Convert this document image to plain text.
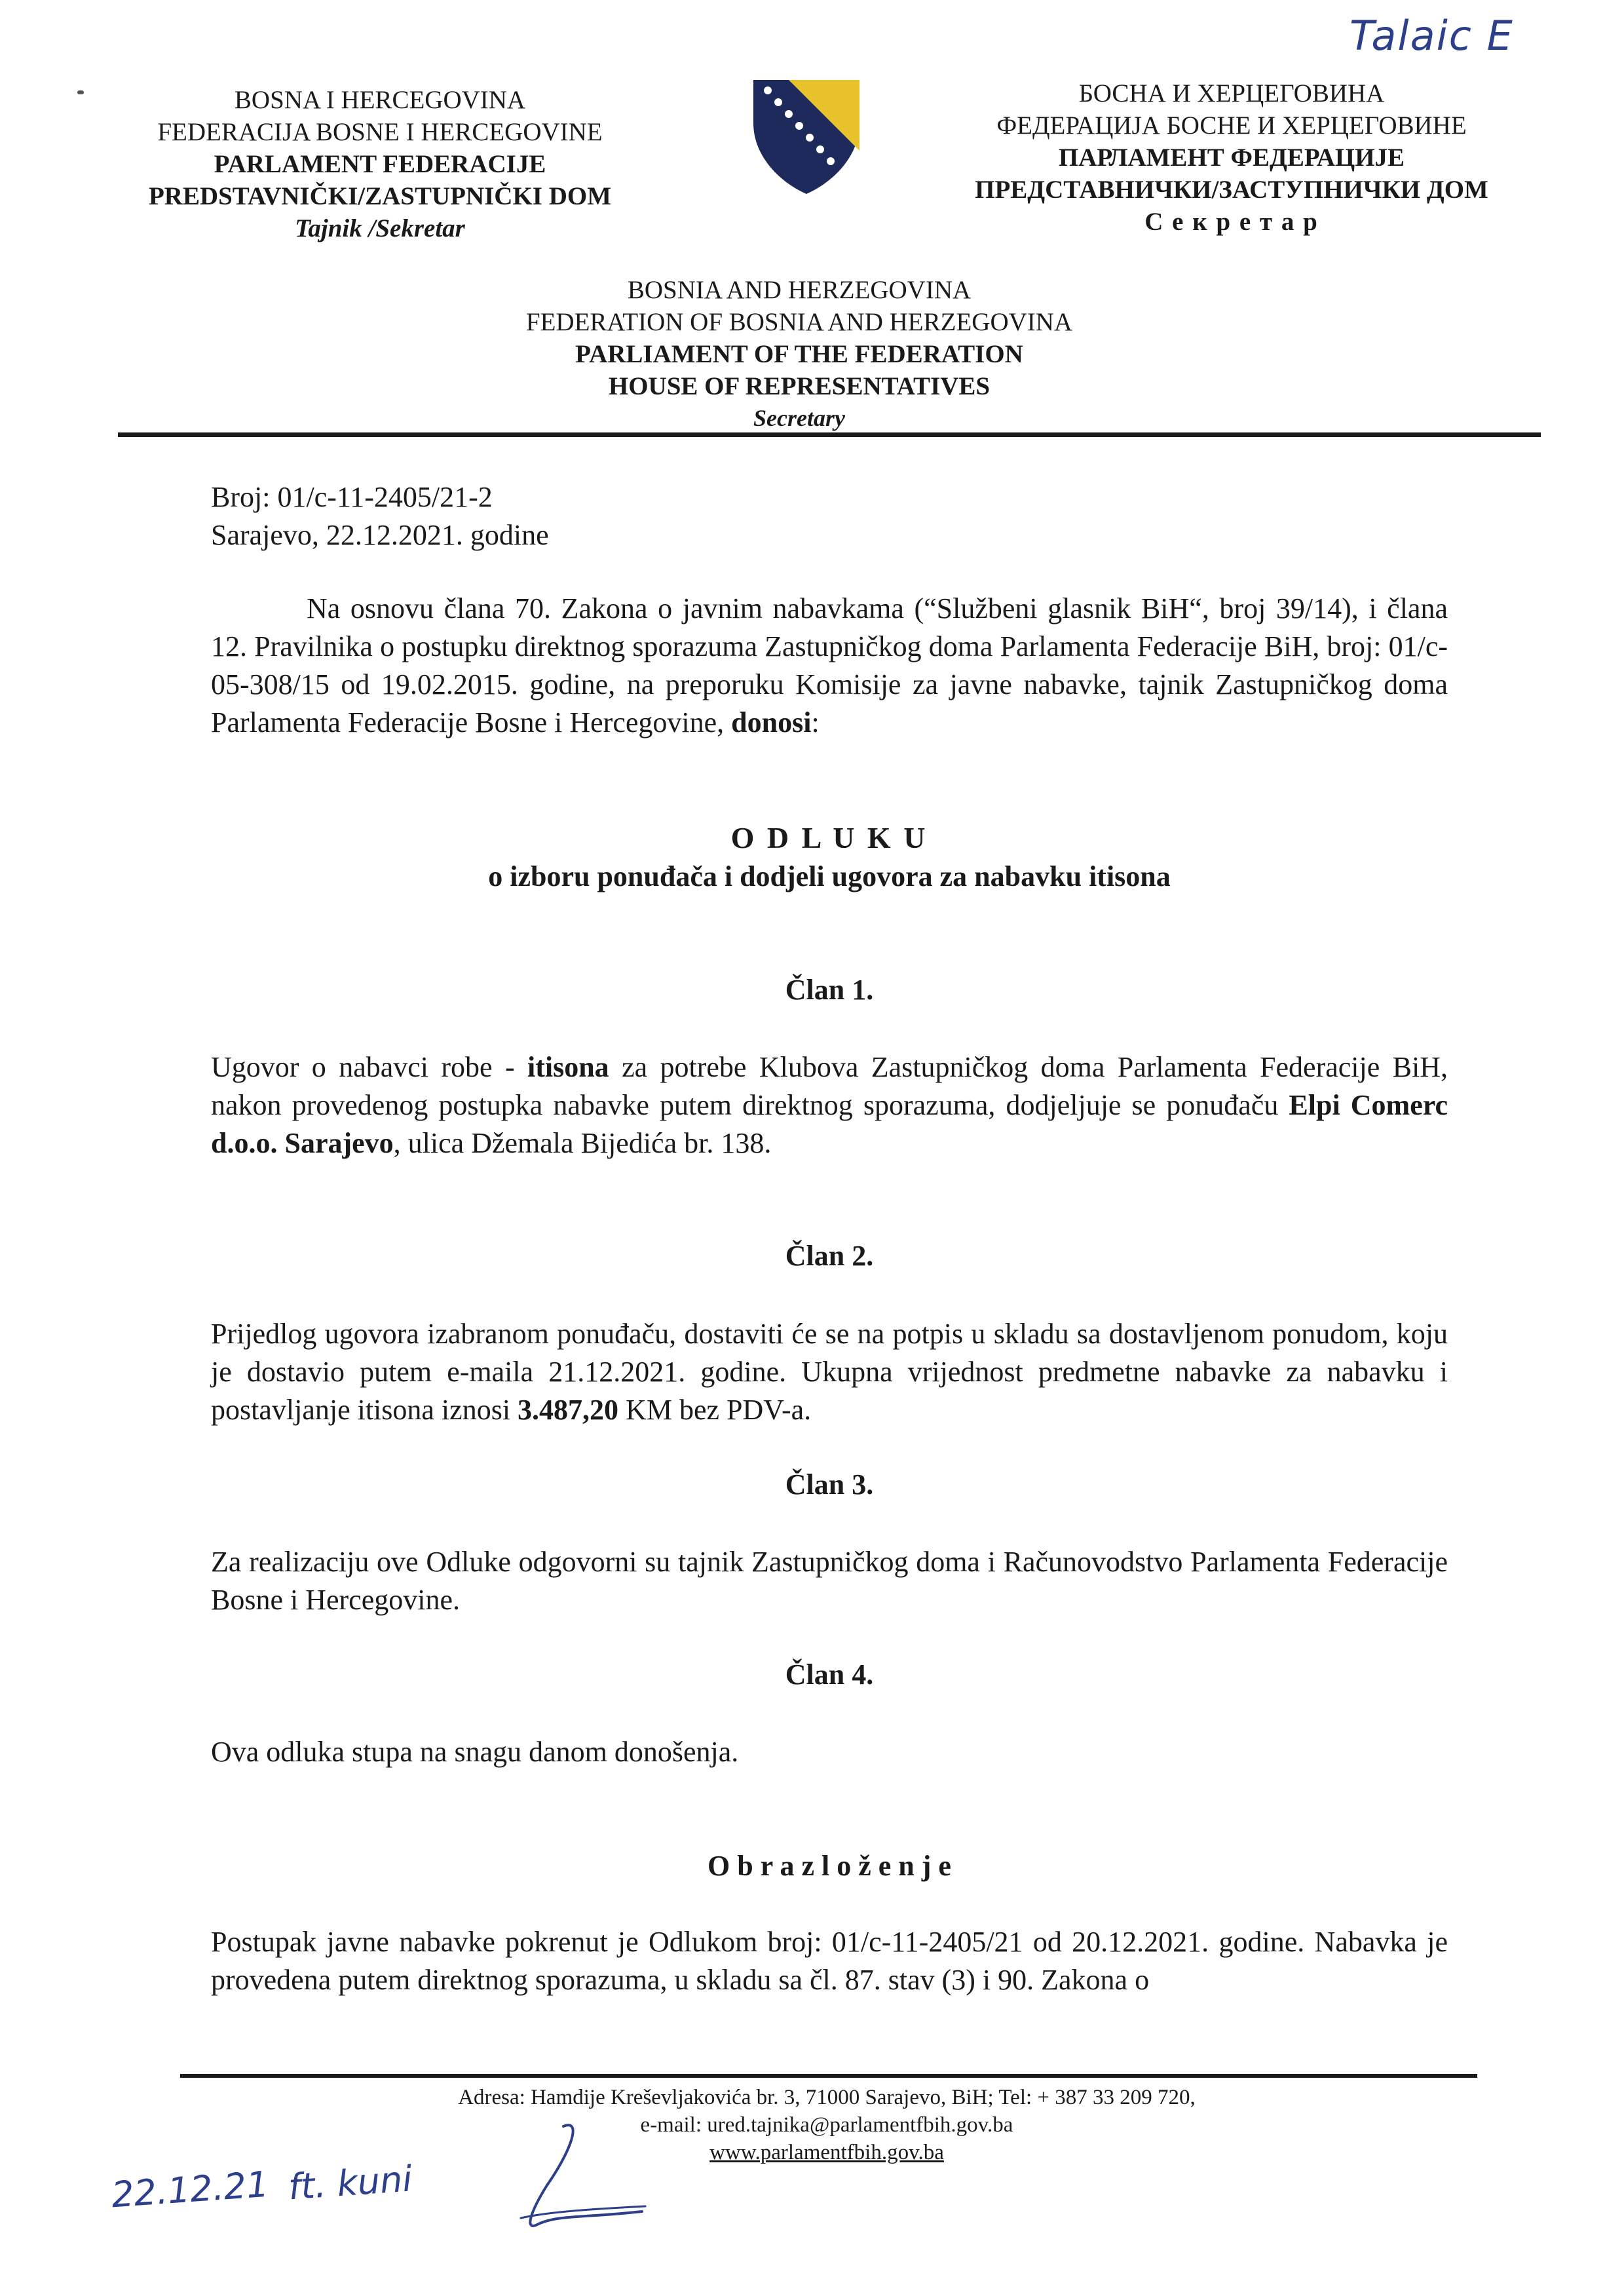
Talaic E

BOSNA I HERCEGOVINA

FEDERACIJA BOSNE I HERCEGOVINE

PARLAMENT FEDERACIJE

PREDSTAVNIČKI/ZASTUPNIČKI DOM

Tajnik /Sekretar

БОСНА И ХЕРЦЕГОВИНА

ФЕДЕРАЦИЈА БОСНЕ И ХЕРЦЕГОВИНЕ

ПАРЛАМЕНТ ФЕДЕРАЦИЈЕ

ПРЕДСТАВНИЧКИ/ЗАСТУПНИЧКИ ДОМ

С е к р е т а р

BOSNIA AND HERZEGOVINA

FEDERATION OF BOSNIA AND HERZEGOVINA

PARLIAMENT OF THE FEDERATION

HOUSE OF REPRESENTATIVES

Secretary

Broj: 01/c-11-2405/21-2
Sarajevo, 22.12.2021. godine

Na osnovu člana 70. Zakona o javnim nabavkama (“Službeni glasnik BiH“, broj 39/14), i člana 12. Pravilnika o postupku direktnog sporazuma Zastupničkog doma Parlamenta Federacije BiH, broj: 01/c-05-308/15 od 19.02.2015. godine, na preporuku Komisije za javne nabavke, tajnik Zastupničkog doma Parlamenta Federacije Bosne i Hercegovine, donosi:

O D L U K U
o izboru ponuđača i dodjeli ugovora za nabavku itisona

Član 1.

Ugovor o nabavci robe - itisona za potrebe Klubova Zastupničkog doma Parlamenta Federacije BiH, nakon provedenog postupka nabavke putem direktnog sporazuma, dodjeljuje se ponuđaču Elpi Comerc d.o.o. Sarajevo, ulica Džemala Bijedića br. 138.

Član 2.

Prijedlog ugovora izabranom ponuđaču, dostaviti će se na potpis u skladu sa dostavljenom ponudom, koju je dostavio putem e-maila 21.12.2021. godine. Ukupna vrijednost predmetne nabavke za nabavku i postavljanje itisona iznosi 3.487,20 KM bez PDV-a.

Član 3.

Za realizaciju ove Odluke odgovorni su tajnik Zastupničkog doma i Računovodstvo Parlamenta Federacije Bosne i Hercegovine.

Član 4.

Ova odluka stupa na snagu danom donošenja.

O b r a z l o ž e n j e

Postupak javne nabavke pokrenut je Odlukom broj: 01/c-11-2405/21 od 20.12.2021. godine. Nabavka je provedena putem direktnog sporazuma, u skladu sa čl. 87. stav (3) i 90. Zakona o

Adresa: Hamdije Kreševljakovića br. 3, 71000 Sarajevo, BiH; Tel: + 387 33 209 720,

e-mail: ured.tajnika@parlamentfbih.gov.ba

www.parlamentfbih.gov.ba

22.12.21 ft. kuni
